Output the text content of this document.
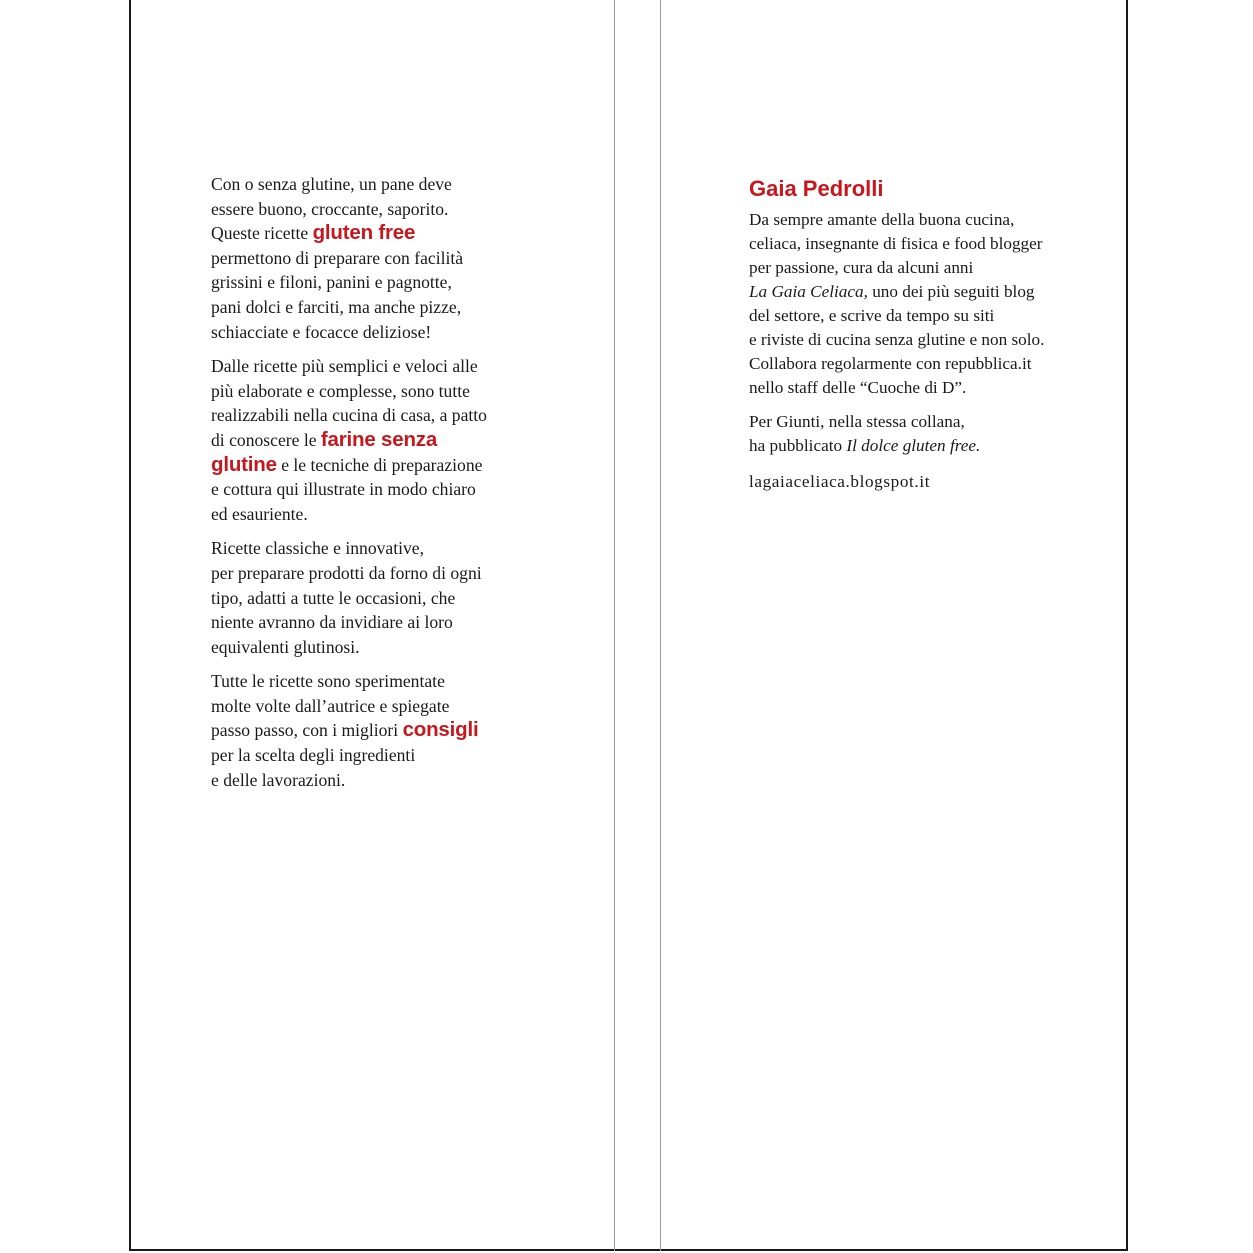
Con o senza glutine, un pane deve
essere buono, croccante, saporito.
Queste ricette gluten free
permettono di preparare con facilità
grissini e filoni, panini e pagnotte,
pani dolci e farciti, ma anche pizze,
schiacciate e focacce deliziose!

Dalle ricette più semplici e veloci alle
più elaborate e complesse, sono tutte
realizzabili nella cucina di casa, a patto
di conoscere le farine senza
glutine e le tecniche di preparazione
e cottura qui illustrate in modo chiaro
ed esauriente.

Ricette classiche e innovative,
per preparare prodotti da forno di ogni
tipo, adatti a tutte le occasioni, che
niente avranno da invidiare ai loro
equivalenti glutinosi.

Tutte le ricette sono sperimentate
molte volte dall’autrice e spiegate
passo passo, con i migliori consigli
per la scelta degli ingredienti
e delle lavorazioni.

Gaia Pedrolli

Da sempre amante della buona cucina,
celiaca, insegnante di fisica e food blogger
per passione, cura da alcuni anni
La Gaia Celiaca, uno dei più seguiti blog
del settore, e scrive da tempo su siti
e riviste di cucina senza glutine e non solo.
Collabora regolarmente con repubblica.it
nello staff delle “Cuoche di D”.

Per Giunti, nella stessa collana,
ha pubblicato Il dolce gluten free.

lagaiaceliaca.blogspot.it
